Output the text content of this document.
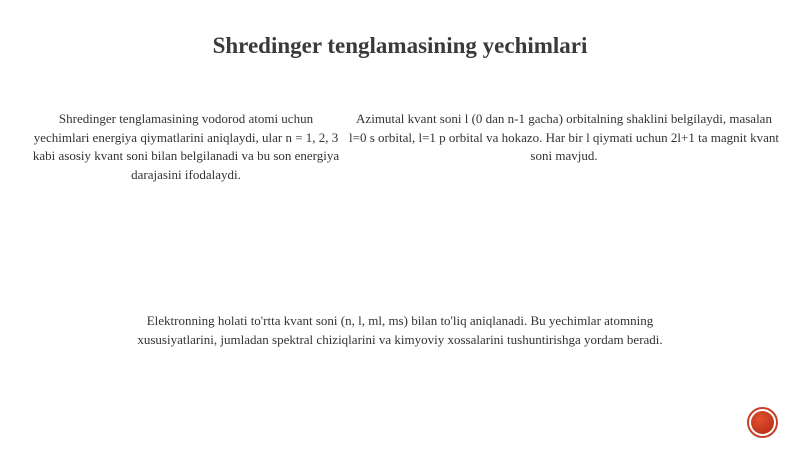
Shredinger tenglamasining yechimlari
Shredinger tenglamasining vodorod atomi uchun yechimlari energiya qiymatlarini aniqlaydi, ular n = 1, 2, 3 kabi asosiy kvant soni bilan belgilanadi va bu son energiya darajasini ifodalaydi.
Azimutal kvant soni l (0 dan n-1 gacha) orbitalning shaklini belgilaydi, masalan l=0 s orbital, l=1 p orbital va hokazo. Har bir l qiymati uchun 2l+1 ta magnit kvant soni mavjud.
Elektronning holati to'rtta kvant soni (n, l, ml, ms) bilan to'liq aniqlanadi. Bu yechimlar atomning xususiyatlarini, jumladan spektral chiziqlarini va kimyoviy xossalarini tushuntirishga yordam beradi.
